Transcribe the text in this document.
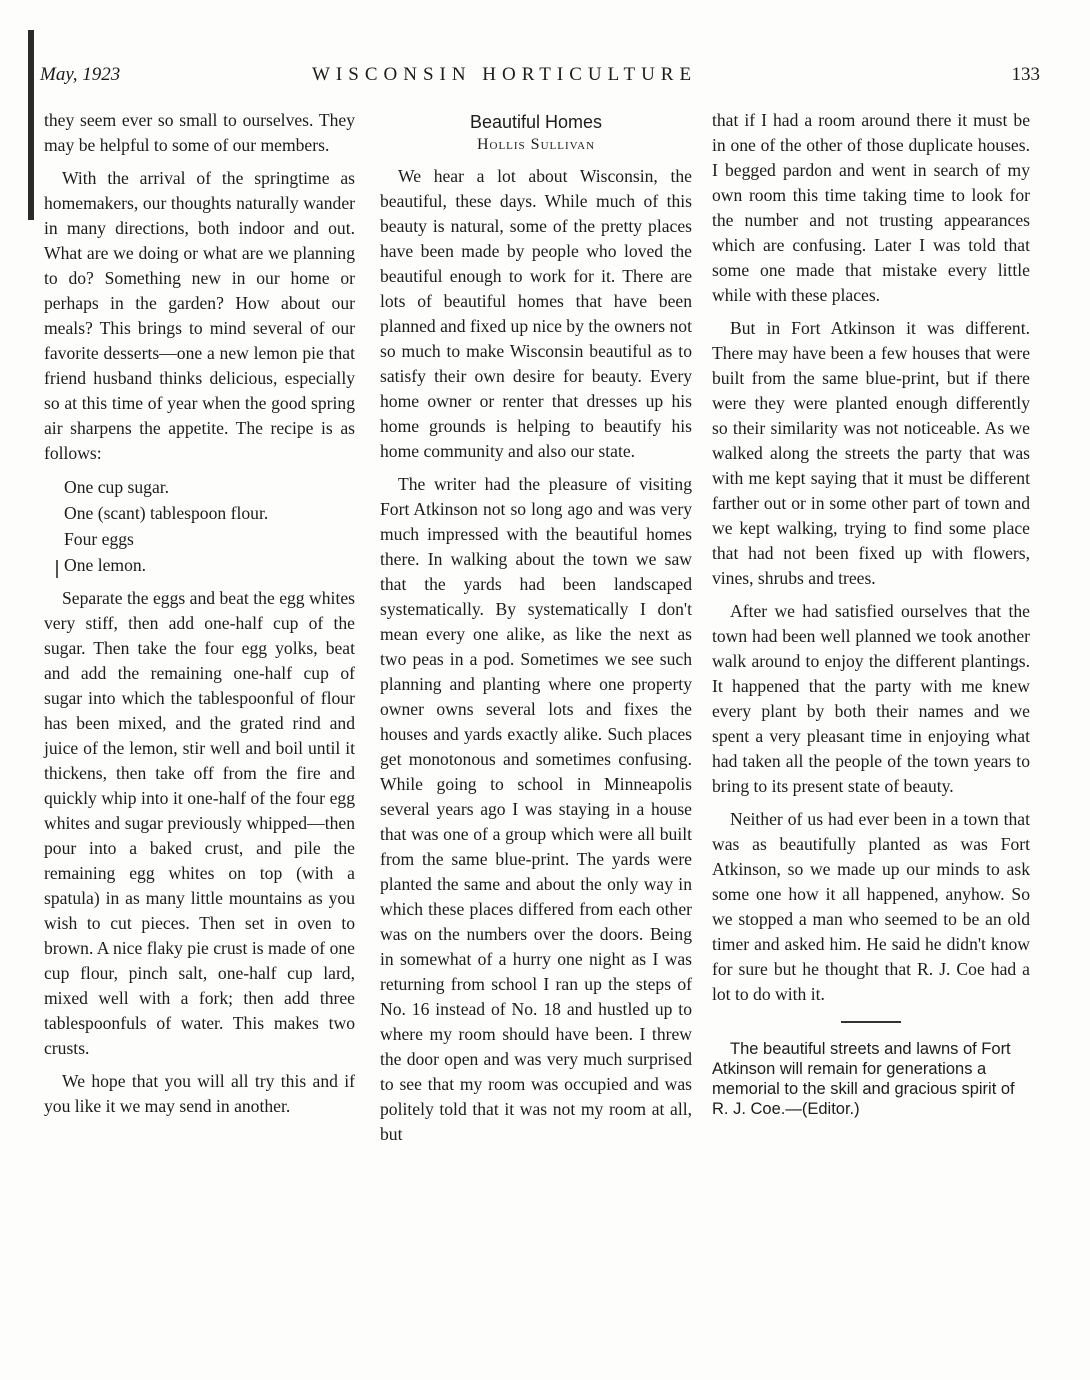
May, 1923	WISCONSIN HORTICULTURE	133

they seem ever so small to ourselves. They may be helpful to some of our members.

With the arrival of the springtime as homemakers, our thoughts naturally wander in many directions, both indoor and out. What are we doing or what are we planning to do? Something new in our home or perhaps in the garden? How about our meals? This brings to mind several of our favorite desserts—one a new lemon pie that friend husband thinks delicious, especially so at this time of year when the good spring air sharpens the appetite. The recipe is as follows:

One cup sugar.

One (scant) tablespoon flour.

Four eggs

One lemon.

Separate the eggs and beat the egg whites very stiff, then add one-half cup of the sugar. Then take the four egg yolks, beat and add the remaining one-half cup of sugar into which the tablespoonful of flour has been mixed, and the grated rind and juice of the lemon, stir well and boil until it thickens, then take off from the fire and quickly whip into it one-half of the four egg whites and sugar previously whipped—then pour into a baked crust, and pile the remaining egg whites on top (with a spatula) in as many little mountains as you wish to cut pieces. Then set in oven to brown. A nice flaky pie crust is made of one cup flour, pinch salt, one-half cup lard, mixed well with a fork; then add three tablespoonfuls of water. This makes two crusts.

We hope that you will all try this and if you like it we may send in another.

Beautiful Homes

Hollis Sullivan

We hear a lot about Wisconsin, the beautiful, these days. While much of this beauty is natural, some of the pretty places have been made by people who loved the beautiful enough to work for it. There are lots of beautiful homes that have been planned and fixed up nice by the owners not so much to make Wisconsin beautiful as to satisfy their own desire for beauty. Every home owner or renter that dresses up his home grounds is helping to beautify his home community and also our state.

The writer had the pleasure of visiting Fort Atkinson not so long ago and was very much impressed with the beautiful homes there. In walking about the town we saw that the yards had been landscaped systematically. By systematically I don't mean every one alike, as like the next as two peas in a pod. Sometimes we see such planning and planting where one property owner owns several lots and fixes the houses and yards exactly alike. Such places get monotonous and sometimes confusing. While going to school in Minneapolis several years ago I was staying in a house that was one of a group which were all built from the same blue-print. The yards were planted the same and about the only way in which these places differed from each other was on the numbers over the doors. Being in somewhat of a hurry one night as I was returning from school I ran up the steps of No. 16 instead of No. 18 and hustled up to where my room should have been. I threw the door open and was very much surprised to see that my room was occupied and was politely told that it was not my room at all, but

that if I had a room around there it must be in one of the other of those duplicate houses. I begged pardon and went in search of my own room this time taking time to look for the number and not trusting appearances which are confusing. Later I was told that some one made that mistake every little while with these places.

But in Fort Atkinson it was different. There may have been a few houses that were built from the same blue-print, but if there were they were planted enough differently so their similarity was not noticeable. As we walked along the streets the party that was with me kept saying that it must be different farther out or in some other part of town and we kept walking, trying to find some place that had not been fixed up with flowers, vines, shrubs and trees.

After we had satisfied ourselves that the town had been well planned we took another walk around to enjoy the different plantings. It happened that the party with me knew every plant by both their names and we spent a very pleasant time in enjoying what had taken all the people of the town years to bring to its present state of beauty.

Neither of us had ever been in a town that was as beautifully planted as was Fort Atkinson, so we made up our minds to ask some one how it all happened, anyhow. So we stopped a man who seemed to be an old timer and asked him. He said he didn't know for sure but he thought that R. J. Coe had a lot to do with it.

The beautiful streets and lawns of Fort Atkinson will remain for generations a memorial to the skill and gracious spirit of R. J. Coe.—(Editor.)
